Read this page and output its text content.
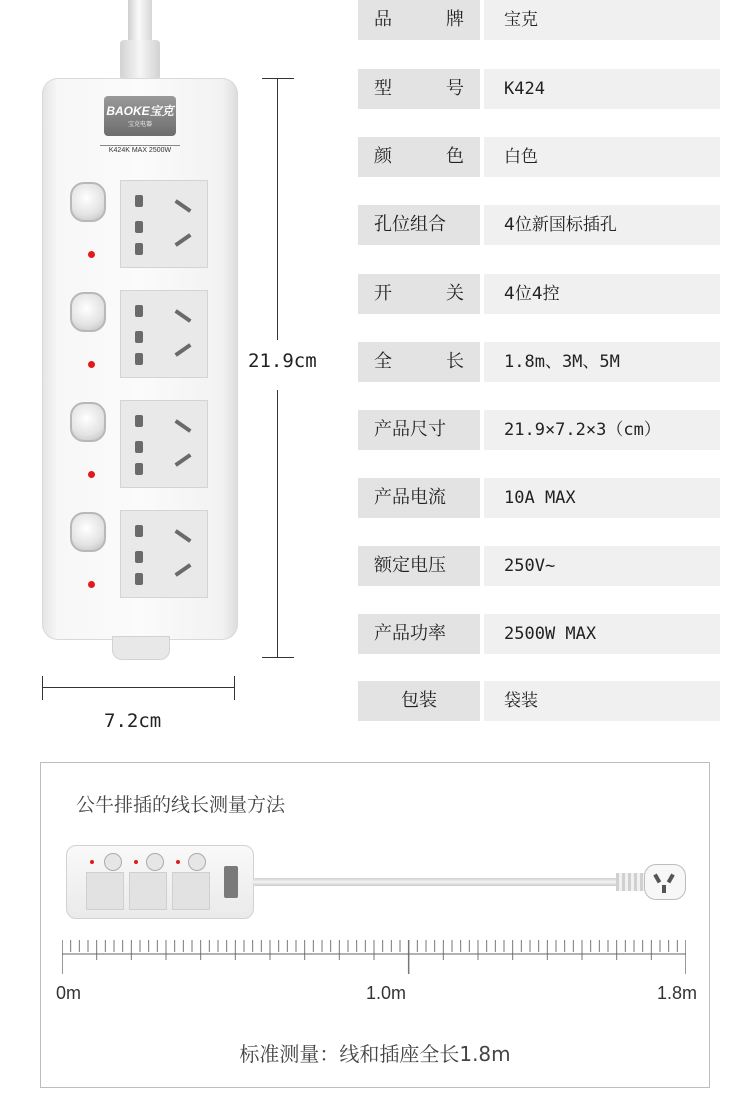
BAOKE宝克
宝克电器
K424K MAX 2500W
21.9cm
7.2cm
品	牌	宝克
型	号	K424
颜	色	白色
孔位组合	4位新国标插孔
开	关	4位4控
全	长	1.8m、3M、5M
产品尺寸	21.9×7.2×3（cm）
产品电流	10A MAX
额定电压	250V~
产品功率	2500W MAX
包装	袋装
公牛排插的线长测量方法
0m	1.0m	1.8m
标准测量：线和插座全长1.8m
